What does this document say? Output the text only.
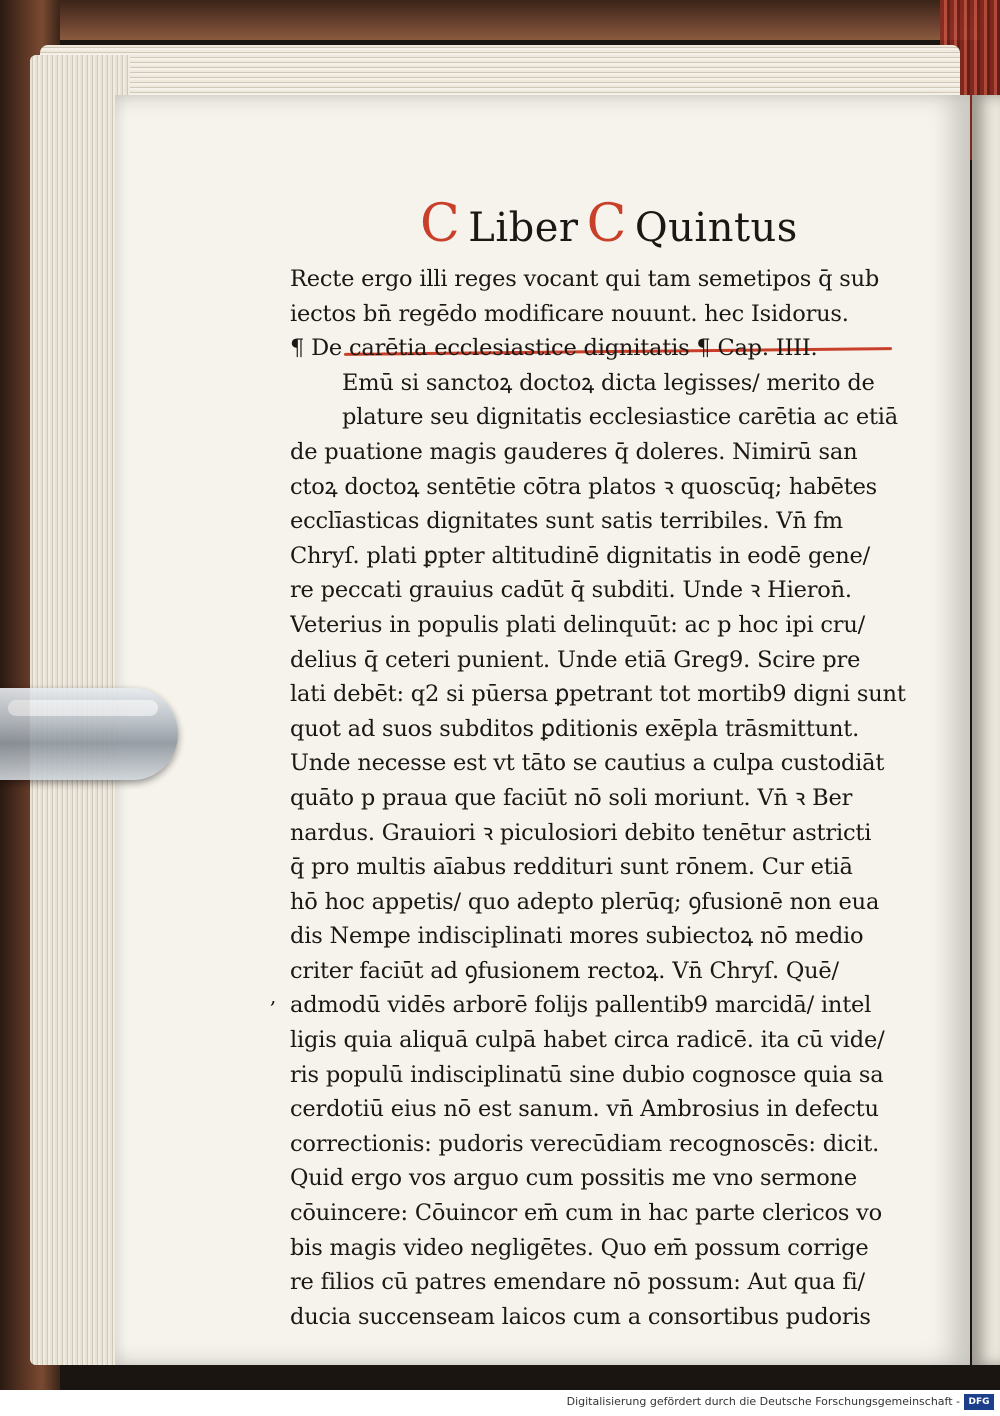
C Liber C Quintus
Recte ergo illi reges vocant qui tam semetipos q̄ sub
iectos bn̄ regēdo modificare nouunt. hec Isidorus.
¶ De carētia ecclesiastice dignitatis ¶ Cap. IIII.
Emū si sanctoꝝ doctoꝝ dicta legisses/ merito de
plature seu dignitatis ecclesiastice carētia ac etiā
de puatione magis gauderes q̄ doleres. Nimirū san
ctoꝝ doctoꝝ sentētie cōtra platos ꝛ quoscūq; habētes
ecclīasticas dignitates sunt satis terribiles. Vn̄ fm
Chryſ. plati ꝑpter altitudinē dignitatis in eodē gene/
re peccati grauius cadūt q̄ subditi. Unde ꝛ Hieron̄.
Veterius in populis plati delinquūt: ac p hoc ipi cru/
delius q̄ ceteri punient. Unde etiā Greg9. Scire pre
lati debēt: q2 si pūersa ꝑpetrant tot mortib9 digni sunt
quot ad suos subditos ꝑditionis exēpla trāsmittunt.
Unde necesse est vt tāto se cautius a culpa custodiāt
quāto p praua que faciūt nō soli moriunt. Vn̄ ꝛ Ber
nardus. Grauiori ꝛ piculosiori debito tenētur astricti
q̄ pro multis aīabus reddituri sunt rōnem. Cur etiā
hō hoc appetis/ quo adepto plerūq; ꝯfusionē non eua
dis Nempe indisciplinati mores subiectoꝝ nō medio
criter faciūt ad ꝯfusionem rectoꝝ. Vn̄ Chryſ. Quē/
admodū vidēs arborē folijs pallentib9 marcidā/ intel
ligis quia aliquā culpā habet circa radicē. ita cū vide/
ris populū indisciplinatū sine dubio cognosce quia sa
cerdotiū eius nō est sanum. vn̄ Ambrosius in defectu
correctionis: pudoris verecūdiam recognoscēs: dicit.
Quid ergo vos arguo cum possitis me vno sermone
cōuincere: Cōuincor em̄ cum in hac parte clericos vo
bis magis video negligētes. Quo em̄ possum corrige
re filios cū patres emendare nō possum: Aut qua fi/
ducia succenseam laicos cum a consortibus pudoris
,
Digitalisierung gefördert durch die Deutsche Forschungsgemeinschaft - DFG
